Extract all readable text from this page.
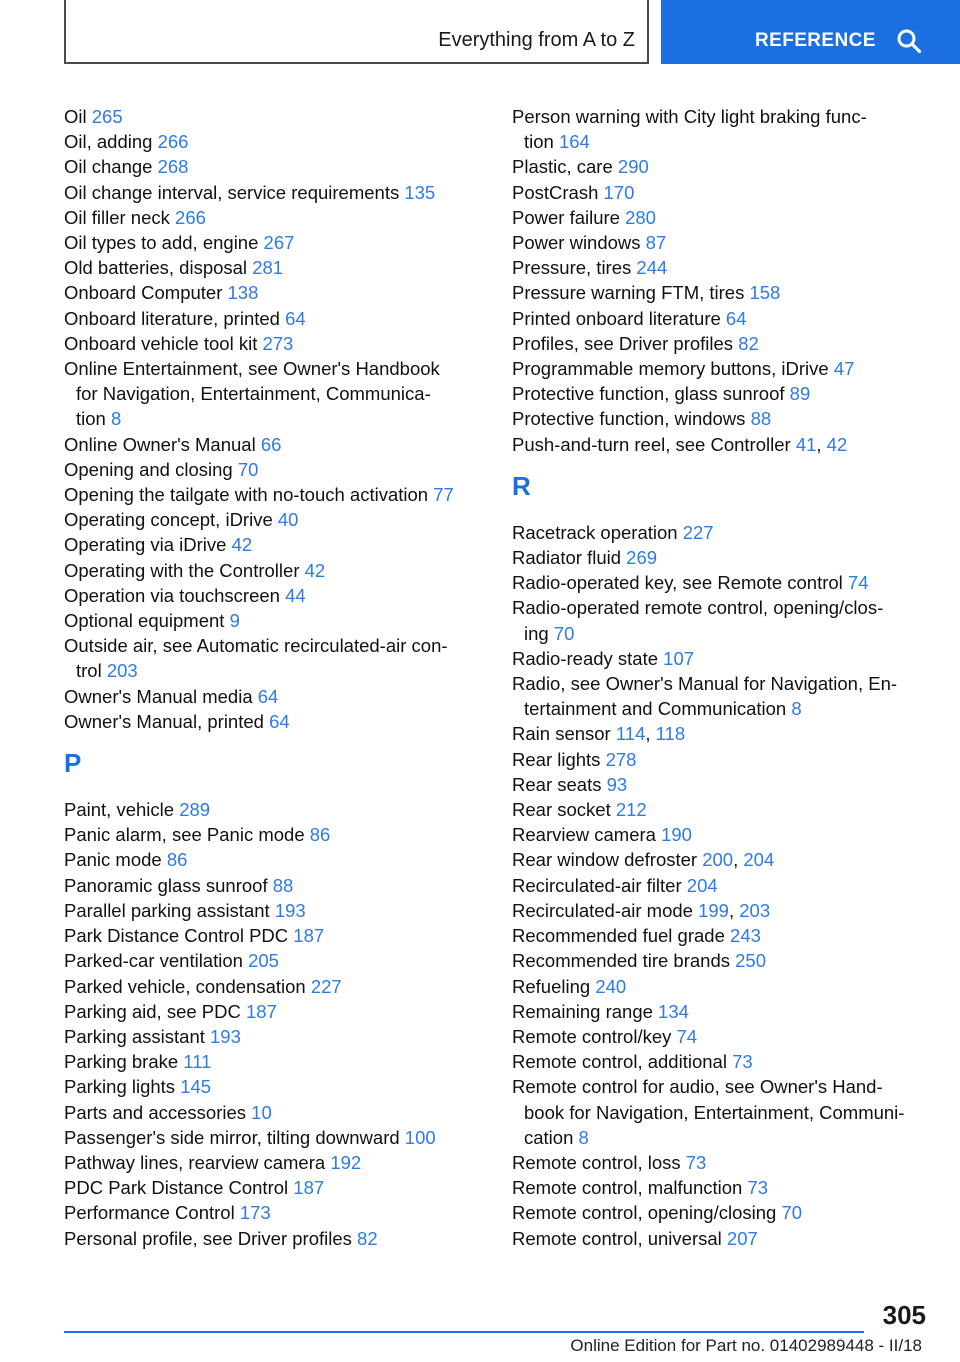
Everything from A to Z	REFERENCE
Oil 265
Oil, adding 266
Oil change 268
Oil change interval, service requirements 135
Oil filler neck 266
Oil types to add, engine 267
Old batteries, disposal 281
Onboard Computer 138
Onboard literature, printed 64
Onboard vehicle tool kit 273
Online Entertainment, see Owner's Handbook
for Navigation, Entertainment, Communica-
tion 8
Online Owner's Manual 66
Opening and closing 70
Opening the tailgate with no-touch activation 77
Operating concept, iDrive 40
Operating via iDrive 42
Operating with the Controller 42
Operation via touchscreen 44
Optional equipment 9
Outside air, see Automatic recirculated-air con-
trol 203
Owner's Manual media 64
Owner's Manual, printed 64
P
Paint, vehicle 289
Panic alarm, see Panic mode 86
Panic mode 86
Panoramic glass sunroof 88
Parallel parking assistant 193
Park Distance Control PDC 187
Parked-car ventilation 205
Parked vehicle, condensation 227
Parking aid, see PDC 187
Parking assistant 193
Parking brake 111
Parking lights 145
Parts and accessories 10
Passenger's side mirror, tilting downward 100
Pathway lines, rearview camera 192
PDC Park Distance Control 187
Performance Control 173
Personal profile, see Driver profiles 82
Person warning with City light braking func-
tion 164
Plastic, care 290
PostCrash 170
Power failure 280
Power windows 87
Pressure, tires 244
Pressure warning FTM, tires 158
Printed onboard literature 64
Profiles, see Driver profiles 82
Programmable memory buttons, iDrive 47
Protective function, glass sunroof 89
Protective function, windows 88
Push-and-turn reel, see Controller 41, 42
R
Racetrack operation 227
Radiator fluid 269
Radio-operated key, see Remote control 74
Radio-operated remote control, opening/clos-
ing 70
Radio-ready state 107
Radio, see Owner's Manual for Navigation, En-
tertainment and Communication 8
Rain sensor 114, 118
Rear lights 278
Rear seats 93
Rear socket 212
Rearview camera 190
Rear window defroster 200, 204
Recirculated-air filter 204
Recirculated-air mode 199, 203
Recommended fuel grade 243
Recommended tire brands 250
Refueling 240
Remaining range 134
Remote control/key 74
Remote control, additional 73
Remote control for audio, see Owner's Hand-
book for Navigation, Entertainment, Communi-
cation 8
Remote control, loss 73
Remote control, malfunction 73
Remote control, opening/closing 70
Remote control, universal 207
305
Online Edition for Part no. 01402989448 - II/18
